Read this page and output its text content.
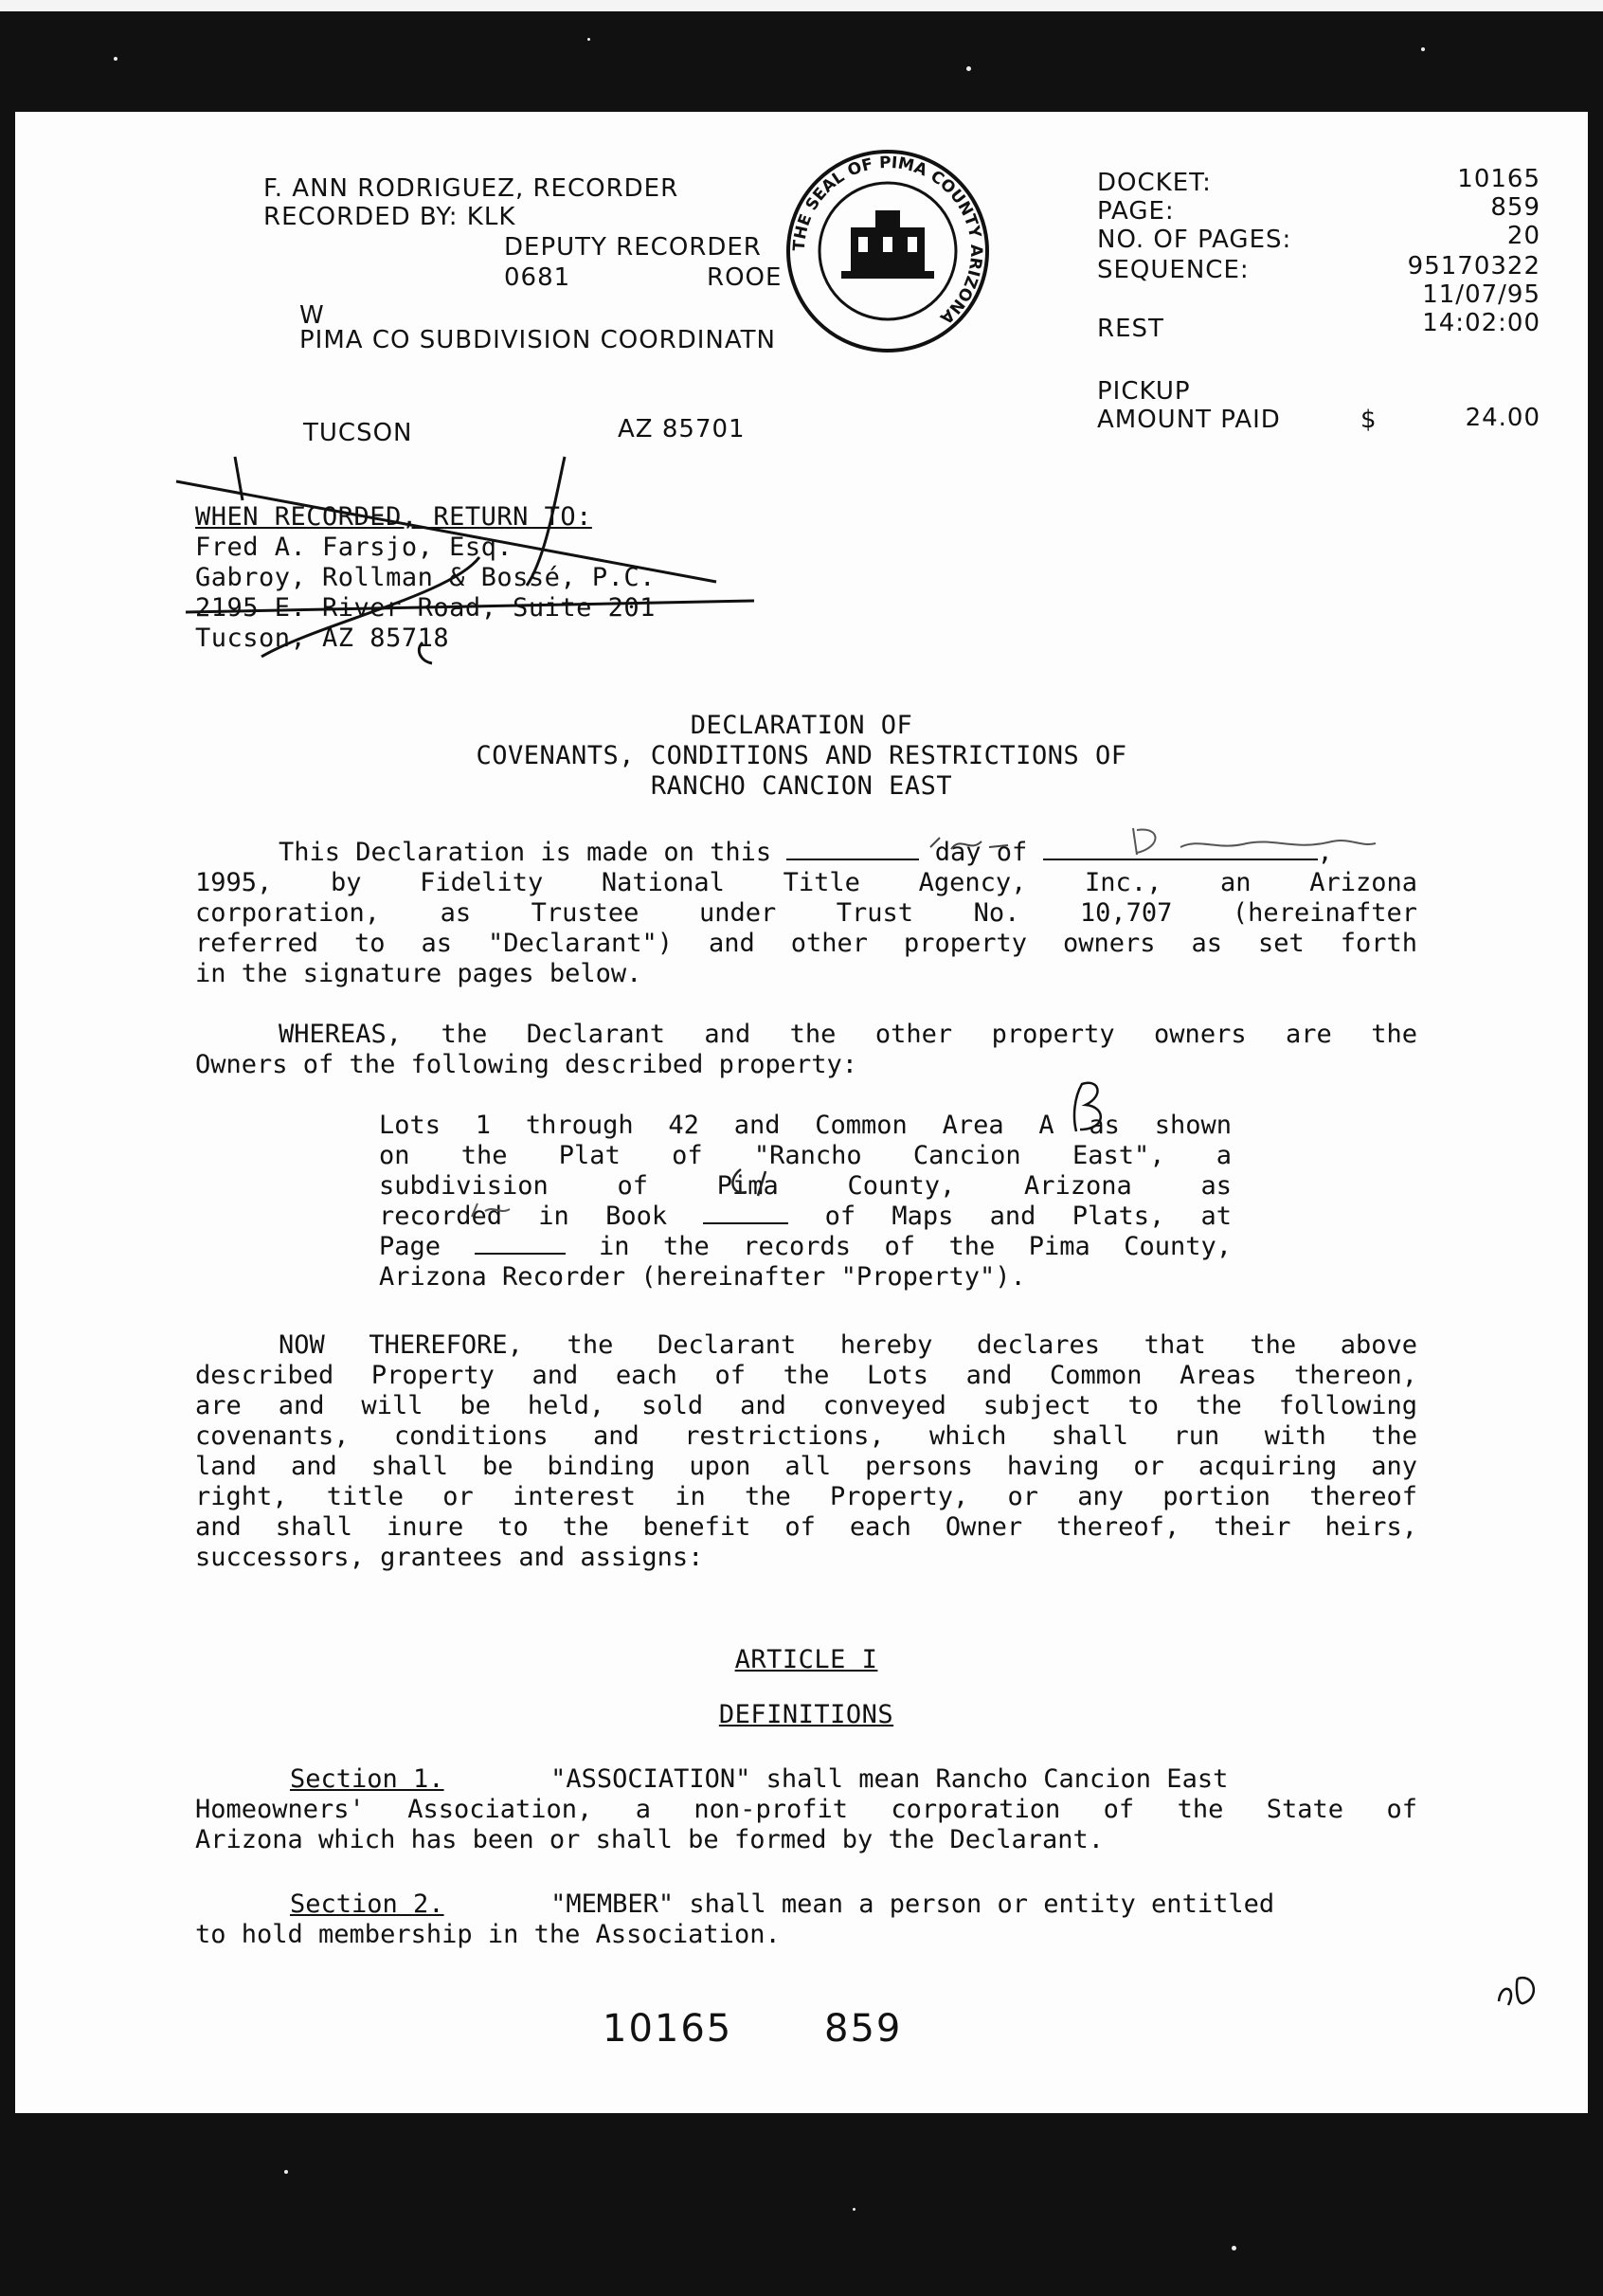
F. ANN RODRIGUEZ, RECORDER
RECORDED BY: KLK
DEPUTY RECORDER
0681	ROOE
W
PIMA CO SUBDIVISION COORDINATN
TUCSON	AZ 85701
THE SEAL OF PIMA COUNTY ARIZONA
DOCKET:	10165
PAGE:	859
NO. OF PAGES:	20
SEQUENCE:	95170322
11/07/95
REST	14:02:00
PICKUP
AMOUNT PAID	$	24.00
WHEN RECORDED, RETURN TO:
Fred A. Farsjo, Esq.
Gabroy, Rollman & Bossé, P.C.
2195 E. River Road, Suite 201
Tucson, AZ 85718
DECLARATION OF
COVENANTS, CONDITIONS AND RESTRICTIONS OF
RANCHO CANCION EAST
This Declaration is made on this	day of	,
1995, by Fidelity National Title Agency, Inc., an Arizona
corporation, as Trustee under Trust No. 10,707 (hereinafter
referred to as "Declarant") and other property owners as set forth
in the signature pages below.
WHEREAS, the Declarant and the other property owners are the
Owners of the following described property:
Lots 1 through 42 and Common Area A as shown
on the Plat of "Rancho Cancion East", a
subdivision of Pima County, Arizona as
recorded in Book	of Maps and Plats, at
Page	in the records of the Pima County,
Arizona Recorder (hereinafter "Property").
NOW THEREFORE, the Declarant hereby declares that the above
described Property and each of the Lots and Common Areas thereon,
are and will be held, sold and conveyed subject to the following
covenants, conditions and restrictions, which shall run with the
land and shall be binding upon all persons having or acquiring any
right, title or interest in the Property, or any portion thereof
and shall inure to the benefit of each Owner thereof, their heirs,
successors, grantees and assigns:
ARTICLE I
DEFINITIONS
Section 1.	"ASSOCIATION" shall mean Rancho Cancion East
Homeowners' Association, a non-profit corporation of the State of
Arizona which has been or shall be formed by the Declarant.
Section 2.	"MEMBER" shall mean a person or entity entitled
to hold membership in the Association.
10165 859
